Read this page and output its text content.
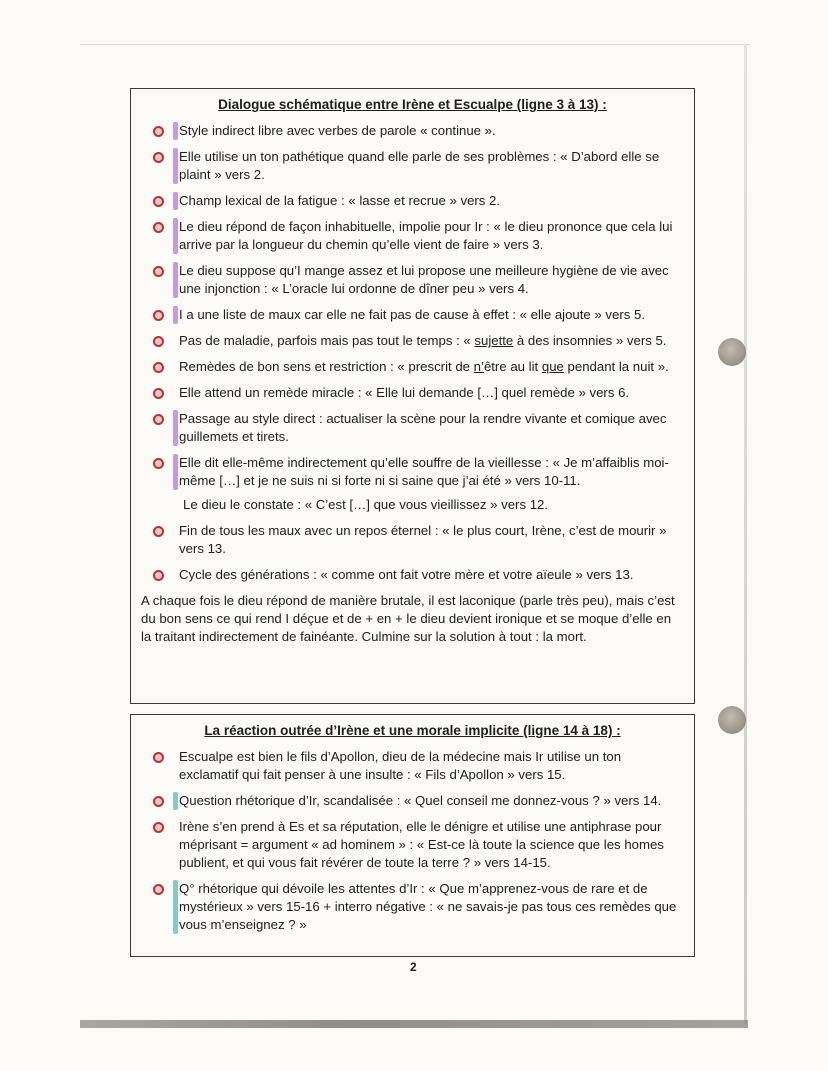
Dialogue schématique entre Irène et Escualpe (ligne 3 à 13) :
Style indirect libre avec verbes de parole « continue ».
Elle utilise un ton pathétique quand elle parle de ses problèmes : « D’abord elle se plaint » vers 2.
Champ lexical de la fatigue : « lasse et recrue » vers 2.
Le dieu répond de façon inhabituelle, impolie pour Ir : « le dieu prononce que cela lui arrive par la longueur du chemin qu’elle vient de faire » vers 3.
Le dieu suppose qu’I mange assez et lui propose une meilleure hygiène de vie avec une injonction : « L’oracle lui ordonne de dîner peu » vers 4.
I a une liste de maux car elle ne fait pas de cause à effet : « elle ajoute » vers 5.
Pas de maladie, parfois mais pas tout le temps : « sujette à des insomnies » vers 5.
Remèdes de bon sens et restriction : « prescrit de n’être au lit que pendant la nuit ».
Elle attend un remède miracle : « Elle lui demande […] quel remède » vers 6.
Passage au style direct : actualiser la scène pour la rendre vivante et comique avec guillemets et tirets.
Elle dit elle-même indirectement qu’elle souffre de la vieillesse : « Je m’affaiblis moi-même […] et je ne suis ni si forte ni si saine que j’ai été » vers 10-11.
Le dieu le constate : « C’est […] que vous vieillissez » vers 12.
Fin de tous les maux avec un repos éternel : « le plus court, Irène, c’est de mourir » vers 13.
Cycle des générations : « comme ont fait votre mère et votre aïeule » vers 13.
A chaque fois le dieu répond de manière brutale, il est laconique (parle très peu), mais c’est du bon sens ce qui rend I déçue et de + en + le dieu devient ironique et se moque d’elle en la traitant indirectement de fainéante. Culmine sur la solution à tout : la mort.
La réaction outrée d’Irène et une morale implicite (ligne 14 à 18) :
Escualpe est bien le fils d’Apollon, dieu de la médecine mais Ir utilise un ton exclamatif qui fait penser à une insulte : « Fils d’Apollon » vers 15.
Question rhétorique d’Ir, scandalisée : « Quel conseil me donnez-vous ? » vers 14.
Irène s’en prend à Es et sa réputation, elle le dénigre et utilise une antiphrase pour méprisant = argument « ad hominem » : « Est-ce là toute la science que les homes publient, et qui vous fait révérer de toute la terre ? » vers 14-15.
Q° rhétorique qui dévoile les attentes d’Ir : « Que m’apprenez-vous de rare et de mystérieux » vers 15-16 + interro négative : « ne savais-je pas tous ces remèdes que vous m’enseignez ? »
2
